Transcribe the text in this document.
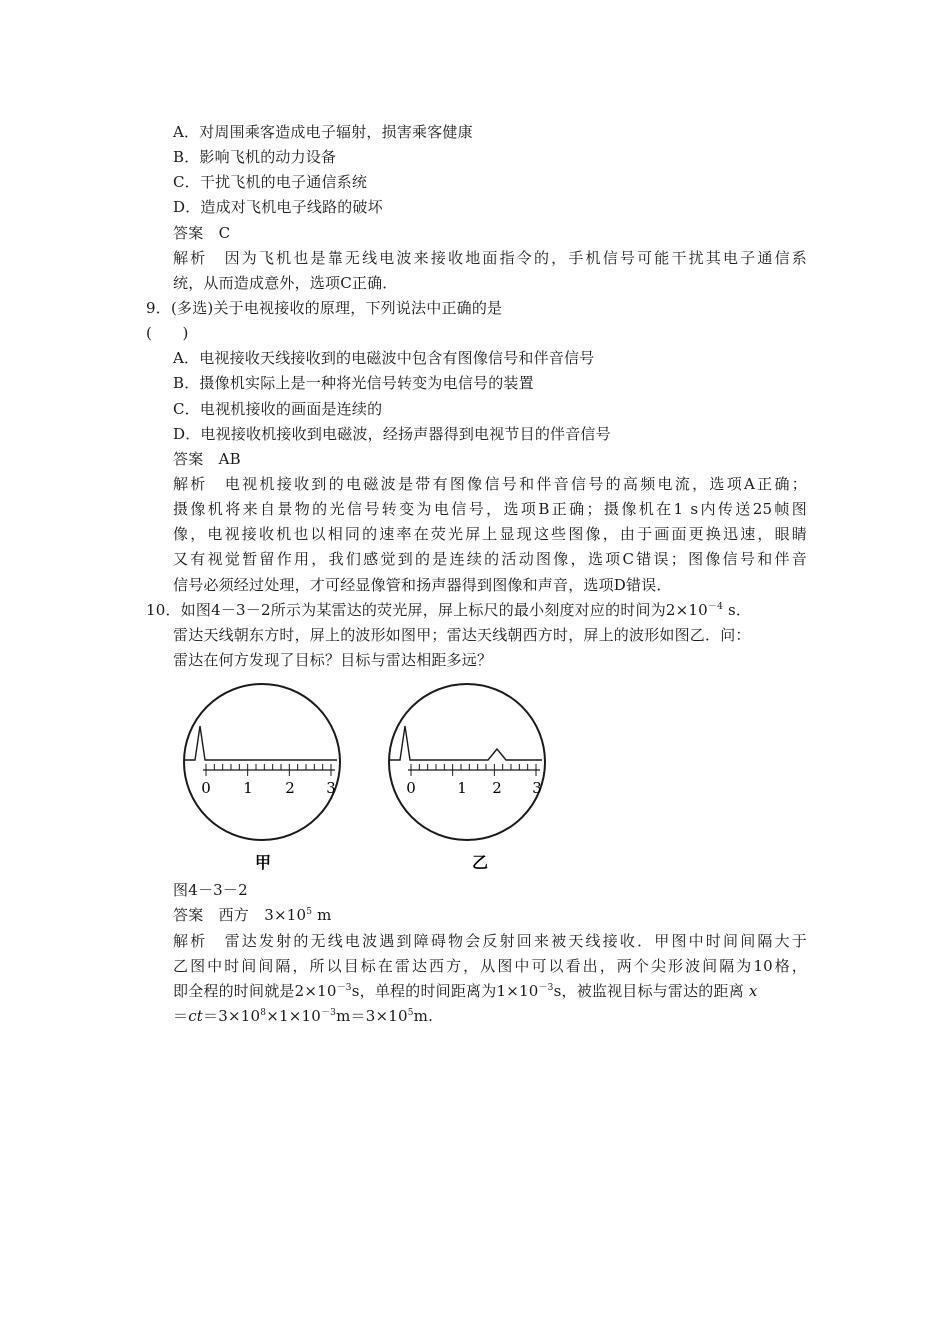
A．对周围乘客造成电子辐射，损害乘客健康
B．影响飞机的动力设备
C．干扰飞机的电子通信系统
D．造成对飞机电子线路的破坏
答案　C
解析　因为飞机也是靠无线电波来接收地面指令的，手机信号可能干扰其电子通信系
统，从而造成意外，选项C正确．
9．(多选)关于电视接收的原理，下列说法中正确的是
(　　)
A．电视接收天线接收到的电磁波中包含有图像信号和伴音信号
B．摄像机实际上是一种将光信号转变为电信号的装置
C．电视机接收的画面是连续的
D．电视接收机接收到电磁波，经扬声器得到电视节目的伴音信号
答案　AB
解析　电视机接收到的电磁波是带有图像信号和伴音信号的高频电流，选项A正确；
摄像机将来自景物的光信号转变为电信号，选项B正确；摄像机在1 s内传送25帧图
像，电视接收机也以相同的速率在荧光屏上显现这些图像，由于画面更换迅速，眼睛
又有视觉暂留作用，我们感觉到的是连续的活动图像，选项C错误；图像信号和伴音
信号必须经过处理，才可经显像管和扬声器得到图像和声音，选项D错误．
10．如图4－3－2所示为某雷达的荧光屏，屏上标尺的最小刻度对应的时间为$2\times 10^{-4}$ s．
雷达天线朝东方时，屏上的波形如图甲；雷达天线朝西方时，屏上的波形如图乙．问：
雷达在何方发现了目标？目标与雷达相距多远？
0 1 2 3
甲
0	1 2 3
乙
图4－3－2
答案　西方　$3\times 10^5$ m
解析　雷达发射的无线电波遇到障碍物会反射回来被天线接收．甲图中时间间隔大于
乙图中时间间隔，所以目标在雷达西方，从图中可以看出，两个尖形波间隔为10格，
即全程的时间就是$2\times 10^{-3}s$，单程的时间距离为$1\times 10^{-3}s$，被监视目标与雷达的距离 x
$=ct=3\times 10^8\times 1\times 10^{-3}m=3\times 10^5m$.
